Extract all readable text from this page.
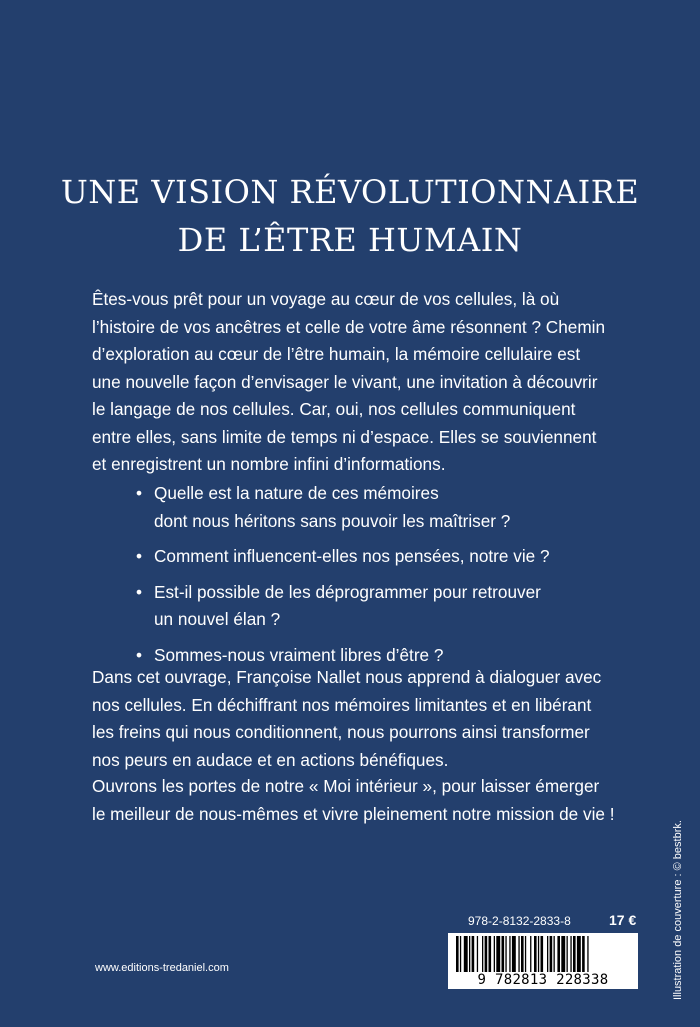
UNE VISION RÉVOLUTIONNAIRE
DE L’ÊTRE HUMAIN
Êtes-vous prêt pour un voyage au cœur de vos cellules, là où
l’histoire de vos ancêtres et celle de votre âme résonnent ? Chemin
d’exploration au cœur de l’être humain, la mémoire cellulaire est
une nouvelle façon d’envisager le vivant, une invitation à découvrir
le langage de nos cellules. Car, oui, nos cellules communiquent
entre elles, sans limite de temps ni d’espace. Elles se souviennent
et enregistrent un nombre infini d’informations.
• Quelle est la nature de ces mémoires
dont nous héritons sans pouvoir les maîtriser ?
• Comment influencent-elles nos pensées, notre vie ?
• Est-il possible de les déprogrammer pour retrouver
un nouvel élan ?
• Sommes-nous vraiment libres d’être ?
Dans cet ouvrage, Françoise Nallet nous apprend à dialoguer avec
nos cellules. En déchiffrant nos mémoires limitantes et en libérant
les freins qui nous conditionnent, nous pourrons ainsi transformer
nos peurs en audace et en actions bénéfiques.
Ouvrons les portes de notre « Moi intérieur », pour laisser émerger
le meilleur de nous-mêmes et vivre pleinement notre mission de vie !
Illustration de couverture : © bestbrk.
978-2-8132-2833-8	17 €
9 782813 228338
www.editions-tredaniel.com
